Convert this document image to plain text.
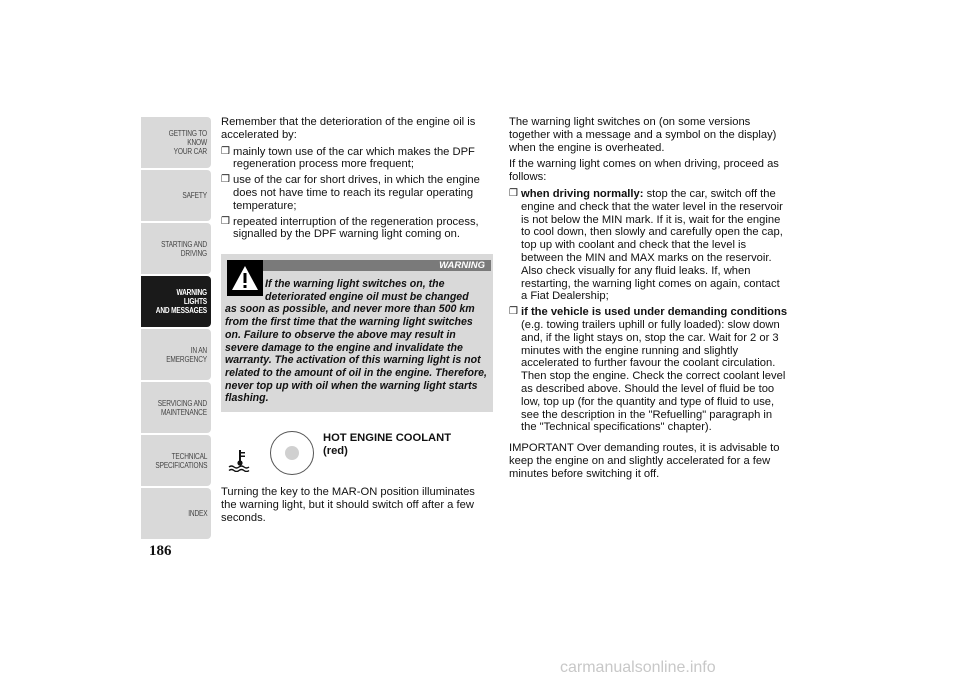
GETTING TO KNOW
YOUR CAR
SAFETY
STARTING AND
DRIVING
WARNING LIGHTS
AND MESSAGES
IN AN EMERGENCY
SERVICING AND
MAINTENANCE
TECHNICAL
SPECIFICATIONS
INDEX
186

Remember that the deterioration of the engine oil is accelerated by:

❒ mainly town use of the car which makes the DPF regeneration process more frequent;
❒ use of the car for short drives, in which the engine does not have time to reach its regular operating temperature;
❒ repeated interruption of the regeneration process, signalled by the DPF warning light coming on.
WARNING
If the warning light switches on, the deteriorated engine oil must be changed
as soon as possible, and never more than 500 km from the first time that the warning light switches on. Failure to observe the above may result in severe damage to the engine and invalidate the warranty. The activation of this warning light is not related to the amount of oil in the engine. Therefore, never top up with oil when the warning light starts flashing.
HOT ENGINE COOLANT
(red)

Turning the key to the MAR-ON position illuminates the warning light, but it should switch off after a few seconds.

The warning light switches on (on some versions together with a message and a symbol on the display) when the engine is overheated.

If the warning light comes on when driving, proceed as follows:

❒ when driving normally: stop the car, switch off the engine and check that the water level in the reservoir is not below the MIN mark. If it is, wait for the engine to cool down, then slowly and carefully open the cap, top up with coolant and check that the level is between the MIN and MAX marks on the reservoir. Also check visually for any fluid leaks. If, when restarting, the warning light comes on again, contact a Fiat Dealership;
❒ if the vehicle is used under demanding conditions (e.g. towing trailers uphill or fully loaded): slow down and, if the light stays on, stop the car. Wait for 2 or 3 minutes with the engine running and slightly accelerated to further favour the coolant circulation. Then stop the engine. Check the correct coolant level as described above. Should the level of fluid be too low, top up (for the quantity and type of fluid to use, see the description in the "Refuelling" paragraph in the "Technical specifications" chapter).

IMPORTANT Over demanding routes, it is advisable to keep the engine on and slightly accelerated for a few minutes before switching it off.

carmanualsonline.info
